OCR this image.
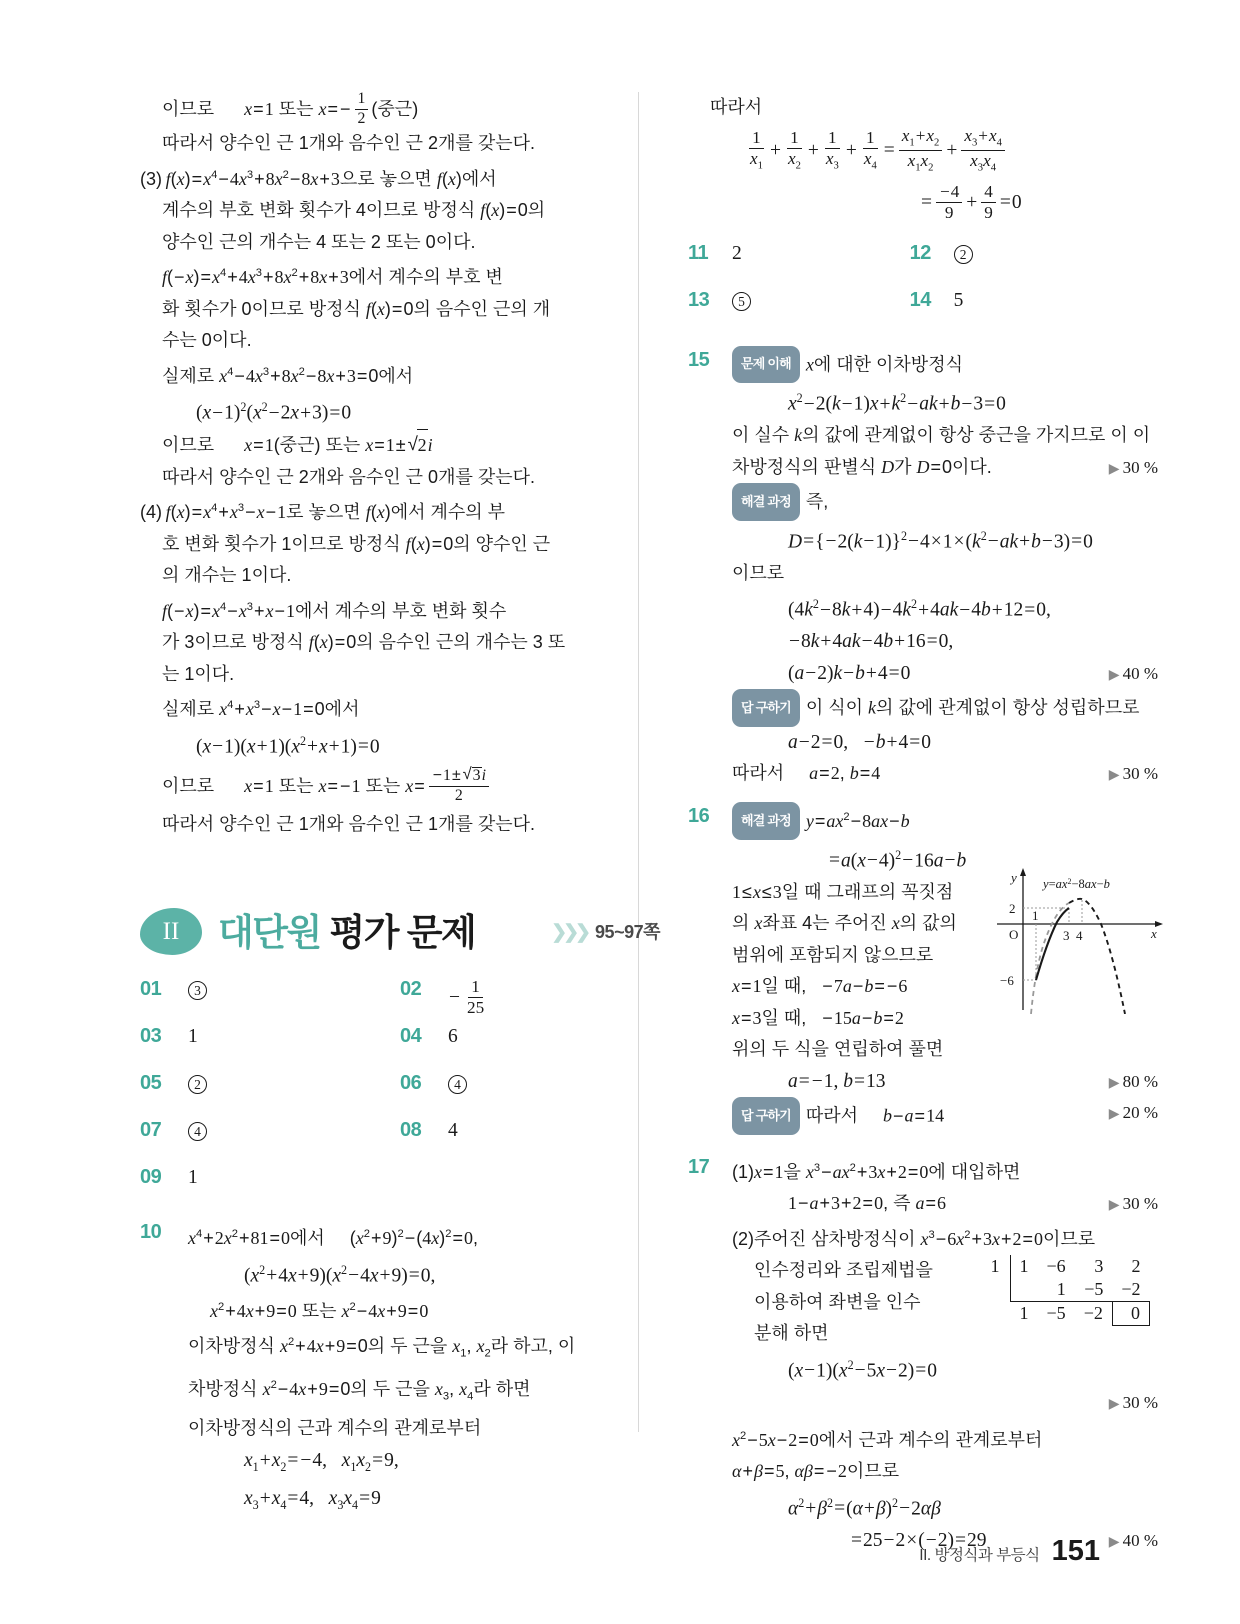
이므로      x=1 또는 $x= - \frac{1}{2}$ (중근)
따라서 양수인 근 1개와 음수인 근 2개를 갖는다.
(3) $f(x)=x^4-4x^3+8x^2-8x+3$으로 놓으면 f(x)에서
계수의 부호 변화 횟수가 4이므로 방정식 f(x)=0의
양수인 근의 개수는 4 또는 2 또는 0이다.
$f(-x)=x^4+4x^3+8x^2+8x+3$에서 계수의 부호 변
화 횟수가 0이므로 방정식 f(x)=0의 음수인 근의 개
수는 0이다.
실제로 $x^4-4x^3+8x^2-8x+3=0$에서
$(x-1)^2(x^2-2x+3)=0$
이므로      x=1(중근) 또는 x=1± √ 2i
따라서 양수인 근 2개와 음수인 근 0개를 갖는다.
(4) $f(x)=x^4+x^3-x-1$로 놓으면 f(x)에서 계수의 부
호 변화 횟수가 1이므로 방정식 f(x)=0의 양수인 근
의 개수는 1이다.
$f(-x)=x^4-x^3+x-1$에서 계수의 부호 변화 횟수
가 3이므로 방정식 f(x)=0의 음수인 근의 개수는 3 또
는 1이다.
실제로 $x^4+x^3-x-1=0$에서
$(x-1)(x+1)(x^2+x+1)=0$
이므로      x=1 또는 x= −1 또는 $x= \frac{-1\pm √ 3i}{2}$
따라서 양수인 근 1개와 음수인 근 1개를 갖는다.
II 대단원 평가 문제	❯❯❯ 95~97쪽
01	3	02	− $\frac{1}{25}$
03	1	04	6
05	2	06	4
07	4	08	4
09	1
10	$x^4+2x^2+81=0$에서     $(x^2+9)^2-(4x)^2=0$,
$(x^2+4x+9)(x^2-4x+9)=0$,
$x^2+4x+9=0$ 또는 $x^2-4x+9=0$
이차방정식 $x^2+4x+9=0$의 두 근을 $x_1$, $x_2$라 하고, 이
차방정식 $x^2-4x+9=0$의 두 근을 $x_3$, $x_4$라 하면
이차방정식의 근과 계수의 관계로부터
$x_1+x_2= -4$,   $x_1x_2=9$,
$x_3+x_4=4$,   $x_3x_4=9$
따라서
$\frac{1}{x_1} + \frac{1}{x_2} + \frac{1}{x_3} + \frac{1}{x_4} = \frac{x_1+x_2}{x_1x_2} + \frac{x_3+x_4}{x_3x_4}$
= $\frac{-4}{9} + \frac{4}{9} =0$
11	2	12	2
13	5	14	5
15	문제 이해 x에 대한 이차방정식
$x^2-2(k-1)x+k^2-ak+b-3=0$
이 실수 k의 값에 관계없이 항상 중근을 가지므로 이 이
차방정식의 판별식 D가 D=0이다.	▶ 30 %
해결 과정 즉,
$D=\{-2(k-1)\}^2-4\times 1\times(k^2-ak+b-3)=0$
이므로
$(4k^2-8k+4)-4k^2+4ak-4b+12=0$,
−8k+4ak−4b+16=0,
(a−2)k−b+4=0	▶ 40 %
답 구하기 이 식이 k의 값에 관계없이 항상 성립하므로
a−2=0,   −b+4=0
따라서     a=2, b=4	▶ 30 %
16	해결 과정 $y=ax^2-8ax-b$
$=a(x-4)^2-16a-b$
1≤x≤3일 때 그래프의 꼭짓점
의 x좌표 4는 주어진 x의 값의
범위에 포함되지 않으므로
x=1일 때,   −7a−b= −6
x=3일 때,   −15a−b=2
위의 두 식을 연립하여 풀면
a= −1, b=13	▶ 80 %
답 구하기 따라서     b−a=14	▶ 20 %
y
x
O
2
−6
1
3 4
$y=ax^2-8ax-b$
17	(1)x=1을 $x^3-ax^2+3x+2=0$에 대입하면
1−a+3+2=0, 즉 a=6	▶ 30 %
(2)주어진 삼차방정식이 $x^3-6x^2+3x+2=0$이므로
인수정리와 조립제법을
이용하여 좌변을 인수
분해 하면
1	1	−6	3	2
		1	−5	−2
	1	−5	−2	0
$(x-1)(x^2-5x-2)=0$
▶ 30 %
$x^2-5x-2=0$에서 근과 계수의 관계로부터
α+β=5, αβ= −2이므로
$\alpha^2+\beta^2=(\alpha+\beta)^2-2\alpha\beta$
=25−2×(−2)=29	▶ 40 %
II. 방정식과 부등식 151
